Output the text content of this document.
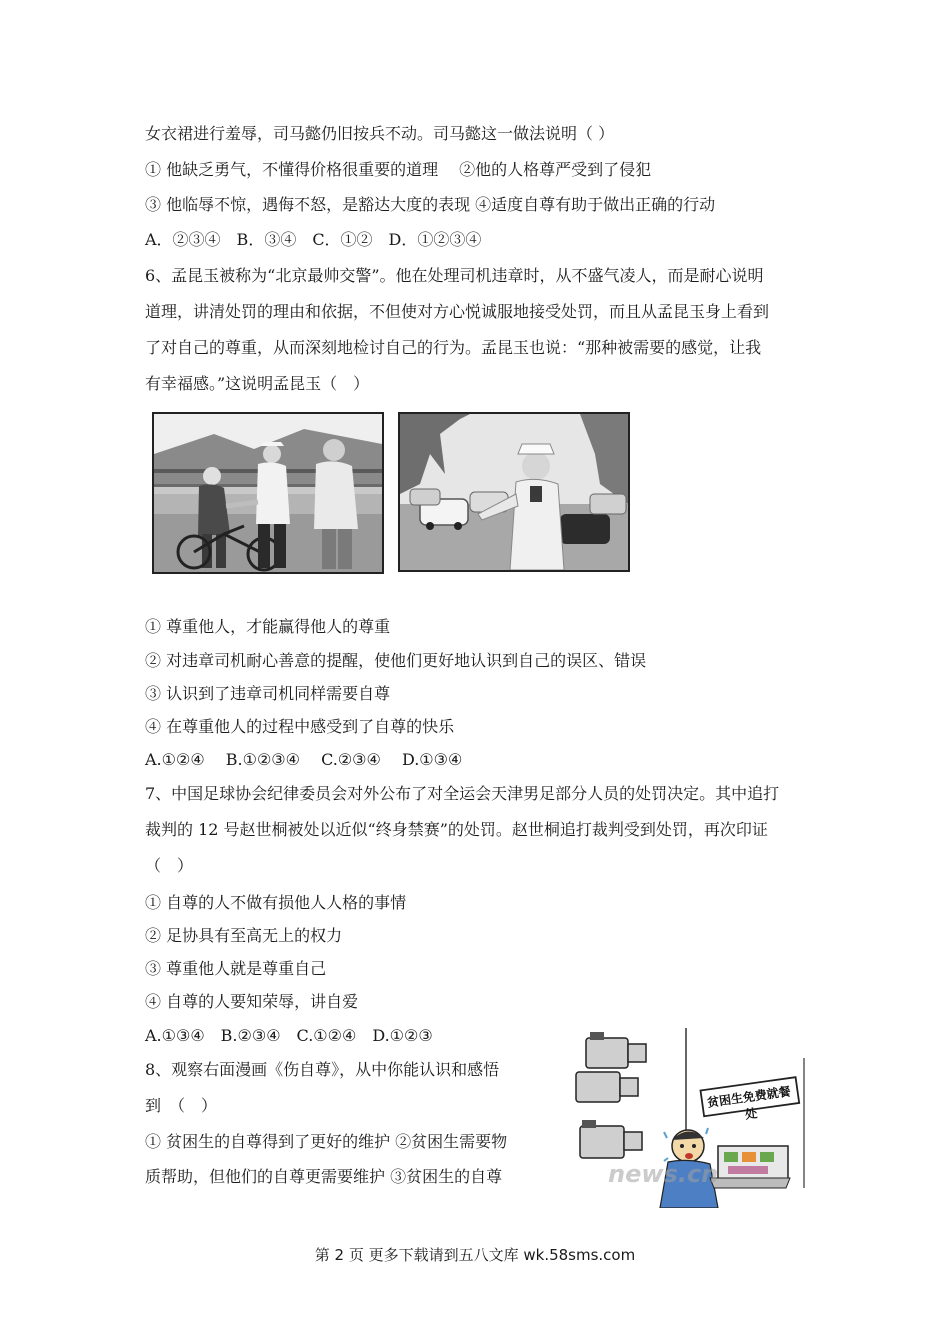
女衣裙进行羞辱，司马懿仍旧按兵不动。司马懿这一做法说明（ ）
① 他缺乏勇气，不懂得价格很重要的道理　 ②他的人格尊严受到了侵犯
③ 他临辱不惊，遇侮不怒，是豁达大度的表现 ④适度自尊有助于做出正确的行动
A．②③④　B．③④　C．①②　D．①②③④
6、孟昆玉被称为“北京最帅交警”。他在处理司机违章时，从不盛气凌人，而是耐心说明
道理，讲清处罚的理由和依据，不但使对方心悦诚服地接受处罚，而且从孟昆玉身上看到
了对自己的尊重，从而深刻地检讨自己的行为。孟昆玉也说：“那种被需要的感觉，让我
有幸福感。”这说明孟昆玉（　）
① 尊重他人，才能赢得他人的尊重
② 对违章司机耐心善意的提醒，使他们更好地认识到自己的误区、错误
③ 认识到了违章司机同样需要自尊
④ 在尊重他人的过程中感受到了自尊的快乐
A.①②④　 B.①②③④　 C.②③④　 D.①③④
7、中国足球协会纪律委员会对外公布了对全运会天津男足部分人员的处罚决定。其中追打
裁判的 12 号赵世桐被处以近似“终身禁赛”的处罚。赵世桐追打裁判受到处罚，再次印证
（　）
① 自尊的人不做有损他人人格的事情
② 足协具有至高无上的权力
③ 尊重他人就是尊重自己
④ 自尊的人要知荣辱，讲自爱
A.①③④　B.②③④　C.①②④　D.①②③
8、观察右面漫画《伤自尊》，从中你能认识和感悟
到　（　）
① 贫困生的自尊得到了更好的维护 ②贫困生需要物
质帮助，但他们的自尊更需要维护 ③贫困生的自尊
贫困生免费就餐处
news.cn
第 2 页 更多下载请到五八文库 wk.58sms.com
